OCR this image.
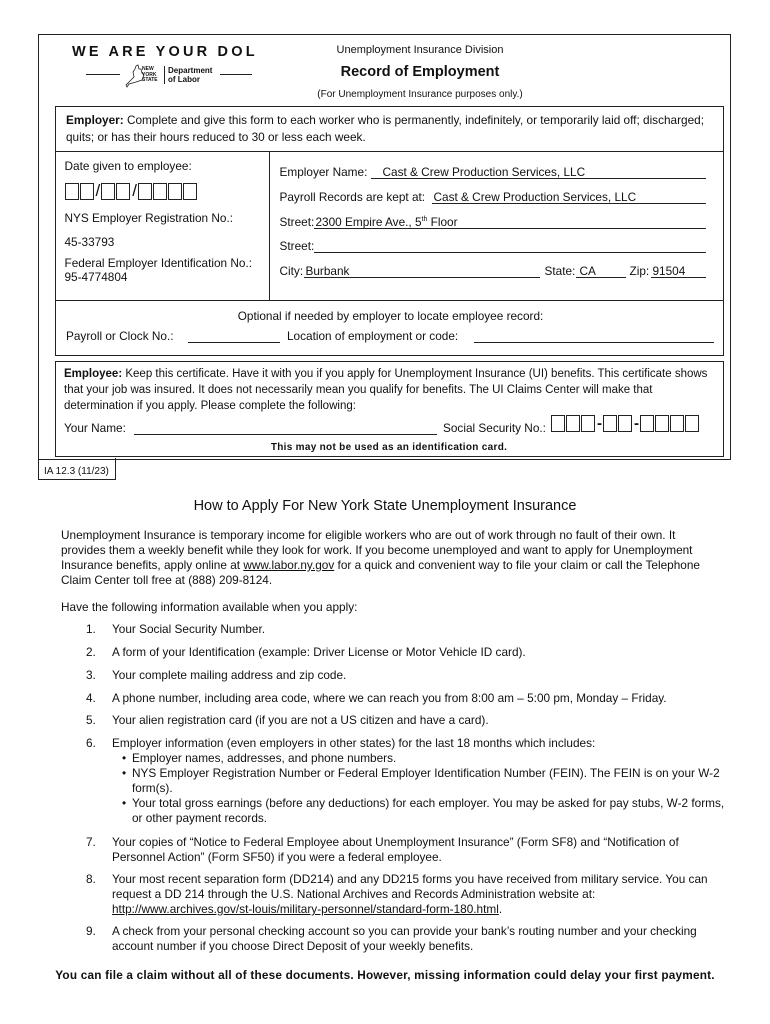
WE ARE YOUR DOL
NEW
YORK
STATE
Department
of Labor
Unemployment Insurance Division
Record of Employment
(For Unemployment Insurance purposes only.)
Employer: Complete and give this form to each worker who is permanently, indefinitely, or temporarily laid off; discharged; quits; or has their hours reduced to 30 or less each week.
Date given to employee:
/ /
NYS Employer Registration No.:
45-33793
Federal Employer Identification No.:
95-4774804
Employer Name:	Cast & Crew Production Services, LLC
Payroll Records are kept at: Cast & Crew Production Services, LLC
Street: 2300 Empire Ave., 5th Floor
Street:
City: Burbank	State: CA	Zip: 91504
Optional if needed by employer to locate employee record:
Payroll or Clock No.:	Location of employment or code:
Employee: Keep this certificate. Have it with you if you apply for Unemployment Insurance (UI) benefits. This certificate shows that your job was insured. It does not necessarily mean you qualify for benefits. The UI Claims Center will make that determination if you apply. Please complete the following:
Your Name:	Social Security No.:	- -
This may not be used as an identification card.
IA 12.3 (11/23)
How to Apply For New York State Unemployment Insurance
Unemployment Insurance is temporary income for eligible workers who are out of work through no fault of their own. It provides them a weekly benefit while they look for work. If you become unemployed and want to apply for Unemployment Insurance benefits, apply online at www.labor.ny.gov for a quick and convenient way to file your claim or call the Telephone Claim Center toll free at (888) 209-8124.
Have the following information available when you apply:
1. Your Social Security Number.
2. A form of your Identification (example: Driver License or Motor Vehicle ID card).
3. Your complete mailing address and zip code.
4. A phone number, including area code, where we can reach you from 8:00 am – 5:00 pm, Monday – Friday.
5. Your alien registration card (if you are not a US citizen and have a card).
6. Employer information (even employers in other states) for the last 18 months which includes:
• Employer names, addresses, and phone numbers.
• NYS Employer Registration Number or Federal Employer Identification Number (FEIN). The FEIN is on your W-2 form(s).
• Your total gross earnings (before any deductions) for each employer. You may be asked for pay stubs, W-2 forms, or other payment records.
7. Your copies of “Notice to Federal Employee about Unemployment Insurance” (Form SF8) and “Notification of Personnel Action” (Form SF50) if you were a federal employee.
8. Your most recent separation form (DD214) and any DD215 forms you have received from military service. You can request a DD 214 through the U.S. National Archives and Records Administration website at: http://www.archives.gov/st-louis/military-personnel/standard-form-180.html.
9. A check from your personal checking account so you can provide your bank’s routing number and your checking account number if you choose Direct Deposit of your weekly benefits.
You can file a claim without all of these documents. However, missing information could delay your first payment.
